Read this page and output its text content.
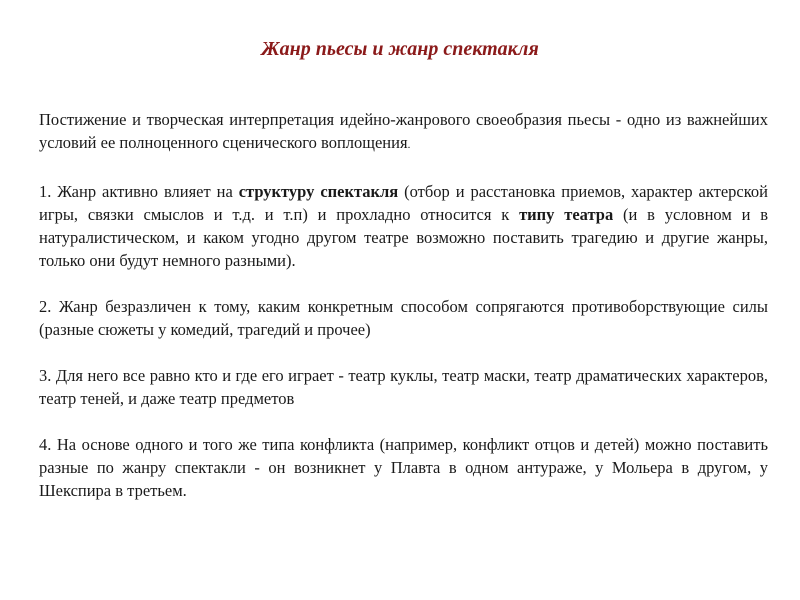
Жанр пьесы и жанр спектакля

Постижение и творческая интерпретация идейно-жанрового своеобразия пьесы - одно из важнейших условий ее полноценного сценического воплощения.

1. Жанр активно влияет на структуру спектакля (отбор и расстановка приемов, характер актерской игры, связки смыслов и т.д. и т.п) и прохладно относится к типу театра (и в условном и в натуралистическом, и каком угодно другом театре возможно поставить трагедию и другие жанры, только они будут немного разными).

2. Жанр безразличен к тому, каким конкретным способом сопрягаются противоборствующие силы (разные сюжеты у комедий, трагедий и прочее)

3. Для него все равно кто и где его играет - театр куклы, театр маски, театр драматических характеров, театр теней, и даже театр предметов

4. На основе одного и того же типа конфликта (например, конфликт отцов и детей) можно поставить разные по жанру спектакли - он возникнет у Плавта в одном антураже, у Мольера в другом, у Шекспира в третьем.
